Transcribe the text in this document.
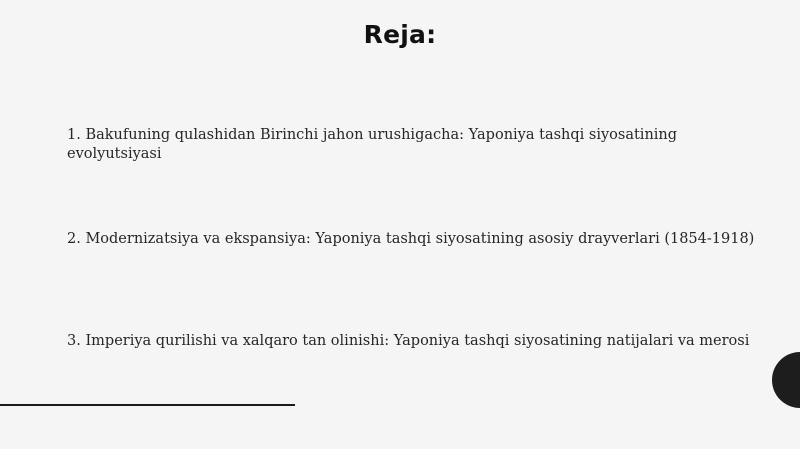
Reja:
1. Bakufuning qulashidan Birinchi jahon urushigacha: Yaponiya tashqi siyosatining evolyutsiyasi
2. Modernizatsiya va ekspansiya: Yaponiya tashqi siyosatining asosiy drayverlari (1854-1918)
3. Imperiya qurilishi va xalqaro tan olinishi: Yaponiya tashqi siyosatining natijalari va merosi
